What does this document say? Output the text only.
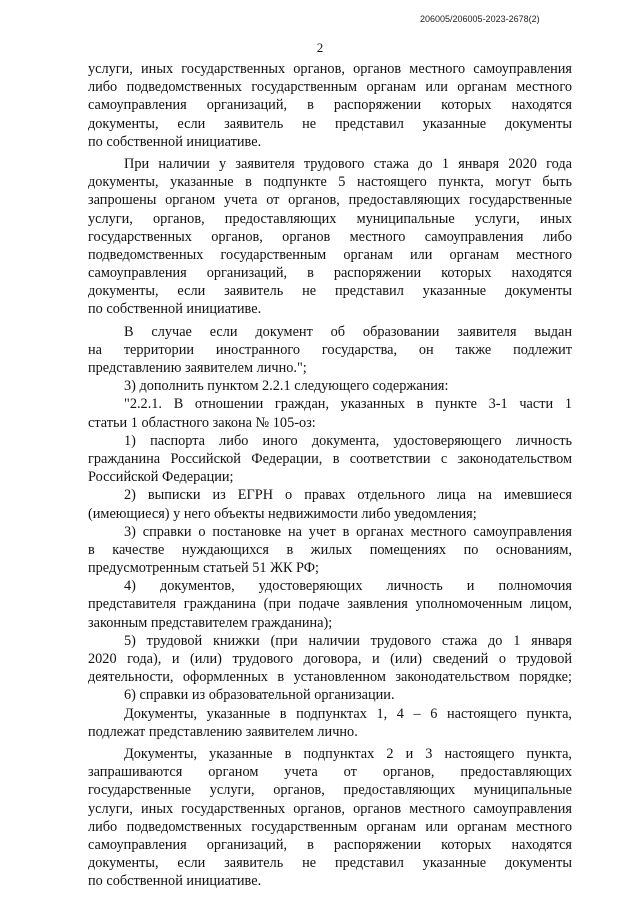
206005/206005-2023-2678(2)
2
услуги, иных государственных органов, органов местного самоуправления
либо подведомственных государственным органам или органам местного
самоуправления организаций, в распоряжении которых находятся
документы, если заявитель не представил указанные документы
по собственной инициативе.
При наличии у заявителя трудового стажа до 1 января 2020 года
документы, указанные в подпункте 5 настоящего пункта, могут быть
запрошены органом учета от органов, предоставляющих государственные
услуги, органов, предоставляющих муниципальные услуги, иных
государственных органов, органов местного самоуправления либо
подведомственных государственным органам или органам местного
самоуправления организаций, в распоряжении которых находятся
документы, если заявитель не представил указанные документы
по собственной инициативе.
В случае если документ об образовании заявителя выдан
на территории иностранного государства, он также подлежит
представлению заявителем лично.";
3) дополнить пунктом 2.2.1 следующего содержания:
"2.2.1. В отношении граждан, указанных в пункте 3-1 части 1
статьи 1 областного закона № 105-оз:
1) паспорта либо иного документа, удостоверяющего личность
гражданина Российской Федерации, в соответствии с законодательством
Российской Федерации;
2) выписки из ЕГРН о правах отдельного лица на имевшиеся
(имеющиеся) у него объекты недвижимости либо уведомления;
3) справки о постановке на учет в органах местного самоуправления
в качестве нуждающихся в жилых помещениях по основаниям,
предусмотренным статьей 51 ЖК РФ;
4) документов, удостоверяющих личность и полномочия
представителя гражданина (при подаче заявления уполномоченным лицом,
законным представителем гражданина);
5) трудовой книжки (при наличии трудового стажа до 1 января
2020 года), и (или) трудового договора, и (или) сведений о трудовой
деятельности, оформленных в установленном законодательством порядке;
6) справки из образовательной организации.
Документы, указанные в подпунктах 1, 4 – 6 настоящего пункта,
подлежат представлению заявителем лично.
Документы, указанные в подпунктах 2 и 3 настоящего пункта,
запрашиваются органом учета от органов, предоставляющих
государственные услуги, органов, предоставляющих муниципальные
услуги, иных государственных органов, органов местного самоуправления
либо подведомственных государственным органам или органам местного
самоуправления организаций, в распоряжении которых находятся
документы, если заявитель не представил указанные документы
по собственной инициативе.
